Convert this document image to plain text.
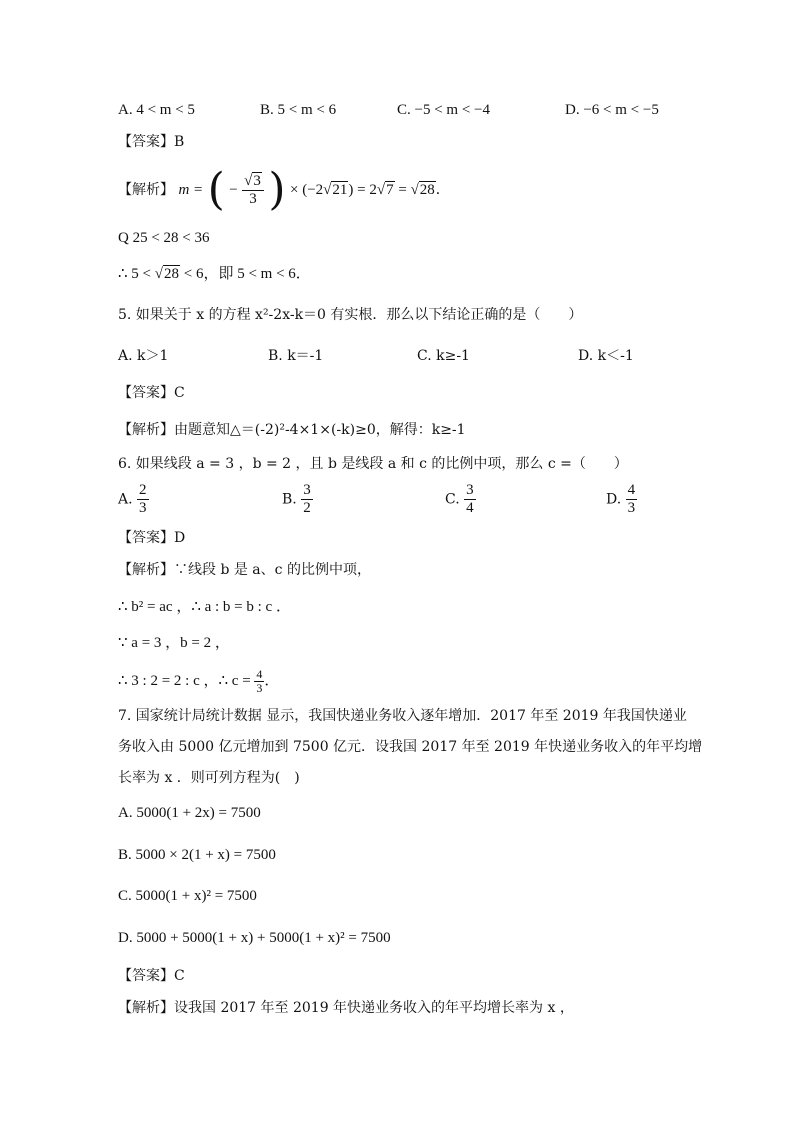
A. 4 < m < 5	B. 5 < m < 6	C. −5 < m < −4	D. −6 < m < −5
【答案】B
【解析】 m = ( − $\frac{√3}{3}$ ) × (−2√21) = 2√7 = √28．
Q 25 < 28 < 36
∴ 5 < √28 < 6，即 5 < m < 6．
5. 如果关于 x 的方程 x²-2x-k＝0 有实根．那么以下结论正确的是（　　）
A. k＞1	B. k＝-1	C. k≥-1	D. k＜-1
【答案】C
【解析】由题意知△＝(-2)²-4×1×(-k)≥0，解得：k≥-1
6. 如果线段 a = 3 ，b = 2 ，且 b 是线段 a 和 c 的比例中项，那么 c =（　　）
A. $\frac{2}{3}$	B. $\frac{3}{2}$	C. $\frac{3}{4}$	D. $\frac{4}{3}$
【答案】D
【解析】∵线段 b 是 a、c 的比例中项，
∴ b² = ac ，∴ a : b = b : c ．
∵ a = 3 ，b = 2 ，
∴ 3 : 2 = 2 : c ，∴ $c = \frac{4}{3}$ ．
7. 国家统计局统计数据 显示，我国快递业务收入逐年增加．2017 年至 2019 年我国快递业
务收入由 5000 亿元增加到 7500 亿元．设我国 2017 年至 2019 年快递业务收入的年平均增
长率为 x ．则可列方程为(　)
A. 5000(1 + 2x) = 7500
B. 5000 × 2(1 + x) = 7500
C. 5000(1 + x)² = 7500
D. 5000 + 5000(1 + x) + 5000(1 + x)² = 7500
【答案】C
【解析】设我国 2017 年至 2019 年快递业务收入的年平均增长率为 x ，
